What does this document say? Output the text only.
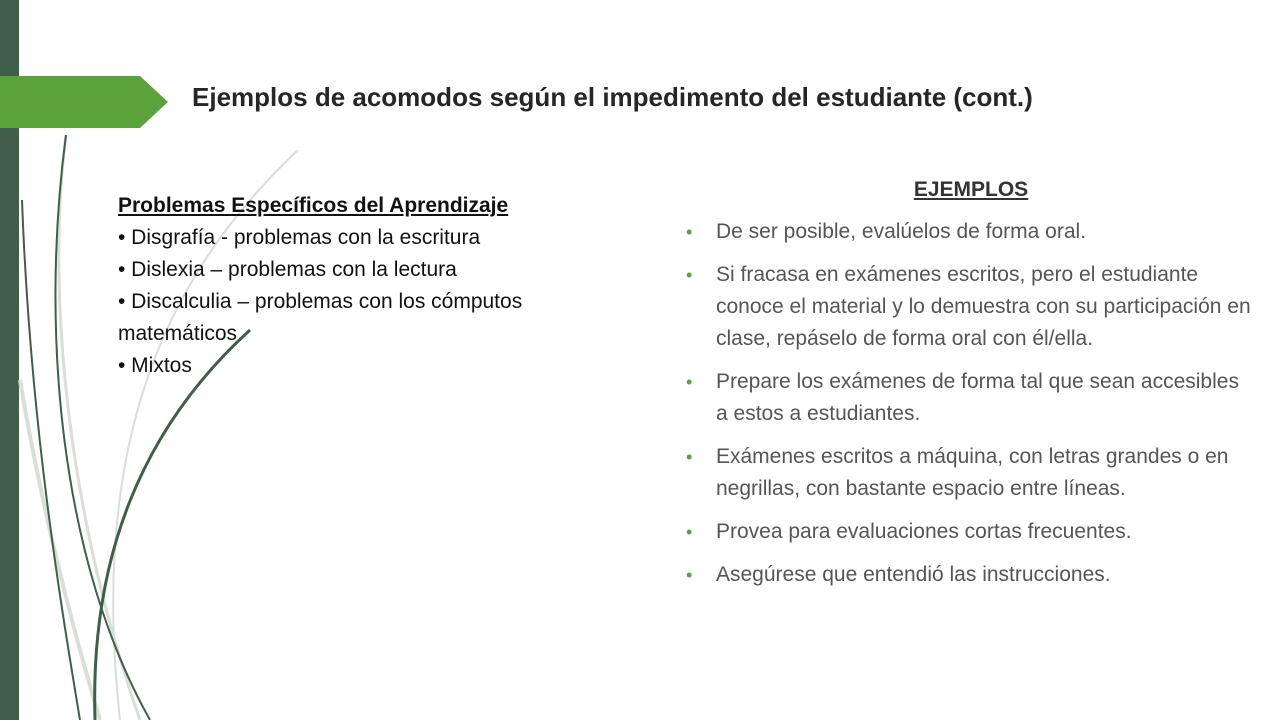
Ejemplos de acomodos según el impedimento del estudiante (cont.)
Problemas Específicos del Aprendizaje

• Disgrafía - problemas con la escritura

• Dislexia – problemas con la lectura

• Discalculia – problemas con los cómputos matemáticos

• Mixtos

EJEMPLOS
• De ser posible, evalúelos de forma oral.
• Si fracasa en exámenes escritos, pero el estudiante conoce el material y lo demuestra con su participación en clase, repáselo de forma oral con él/ella.
• Prepare los exámenes de forma tal que sean accesibles a estos a estudiantes.
• Exámenes escritos a máquina, con letras grandes o en negrillas, con bastante espacio entre líneas.
• Provea para evaluaciones cortas frecuentes.
• Asegúrese que entendió las instrucciones.
